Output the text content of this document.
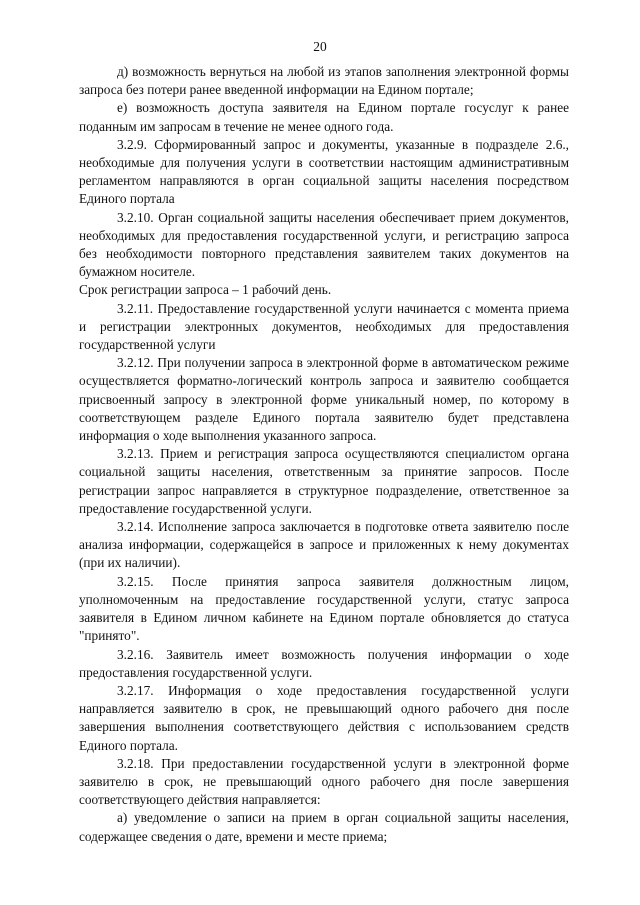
20

д) возможность вернуться на любой из этапов заполнения электронной формы запроса без потери ранее введенной информации на Едином портале;

е) возможность доступа заявителя на Едином портале госуслуг к ранее поданным им запросам в течение не менее одного года.

3.2.9. Сформированный запрос и документы, указанные в подразделе 2.6., необходимые для получения услуги в соответствии настоящим административным регламентом направляются в орган социальной защиты населения посредством Единого портала

3.2.10. Орган социальной защиты населения обеспечивает прием документов, необходимых для предоставления государственной услуги, и регистрацию запроса без необходимости повторного представления заявителем таких документов на бумажном носителе.

Срок регистрации запроса – 1 рабочий день.

3.2.11. Предоставление государственной услуги начинается с момента приема и регистрации электронных документов, необходимых для предоставления государственной услуги

3.2.12. При получении запроса в электронной форме в автоматическом режиме осуществляется форматно-логический контроль запроса и заявителю сообщается присвоенный запросу в электронной форме уникальный номер, по которому в соответствующем разделе Единого портала заявителю будет представлена информация о ходе выполнения указанного запроса.

3.2.13. Прием и регистрация запроса осуществляются специалистом органа социальной защиты населения, ответственным за принятие запросов. После регистрации запрос направляется в структурное подразделение, ответственное за предоставление государственной услуги.

3.2.14. Исполнение запроса заключается в подготовке ответа заявителю после анализа информации, содержащейся в запросе и приложенных к нему документах (при их наличии).

3.2.15. После принятия запроса заявителя должностным лицом, уполномоченным на предоставление государственной услуги, статус запроса заявителя в Едином личном кабинете на Едином портале обновляется до статуса "принято".

3.2.16. Заявитель имеет возможность получения информации о ходе предоставления государственной услуги.

3.2.17. Информация о ходе предоставления государственной услуги направляется заявителю в срок, не превышающий одного рабочего дня после завершения выполнения соответствующего действия с использованием средств Единого портала.

3.2.18. При предоставлении государственной услуги в электронной форме заявителю в срок, не превышающий одного рабочего дня после завершения соответствующего действия направляется:

а) уведомление о записи на прием в орган социальной защиты населения, содержащее сведения о дате, времени и месте приема;
